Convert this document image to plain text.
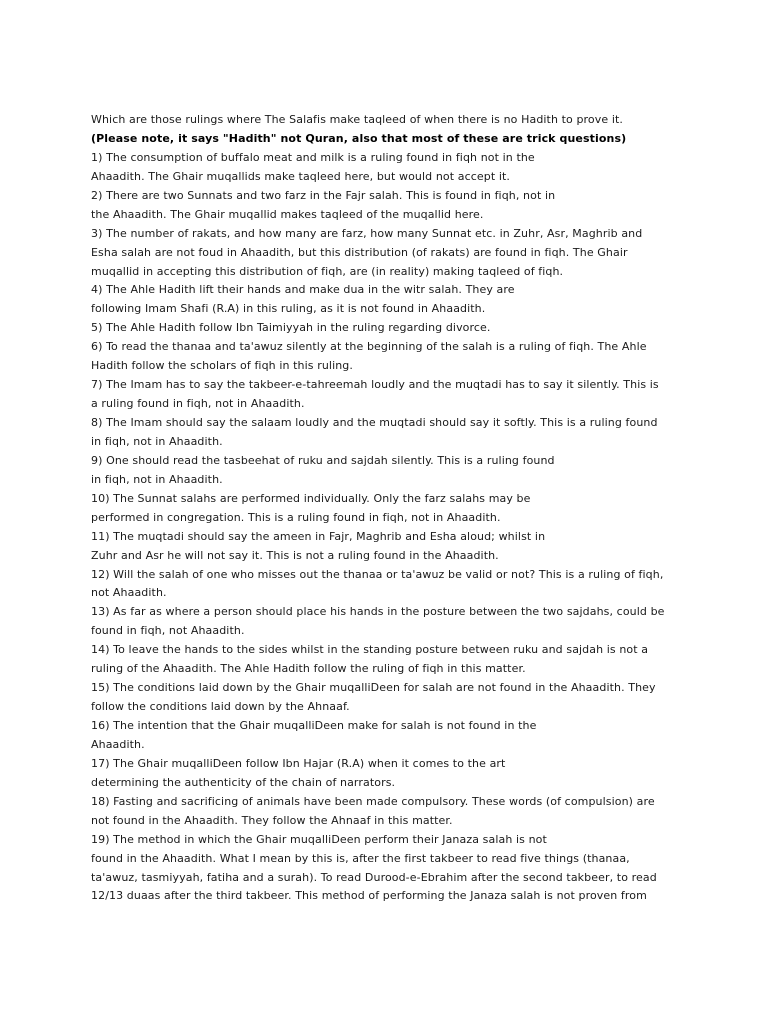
Which are those rulings where The Salafis make taqleed of when there is no Hadith to prove it.
(Please note, it says "Hadith" not Quran, also that most of these are trick questions)
1) The consumption of buffalo meat and milk is a ruling found in fiqh not in the
Ahaadith. The Ghair muqallids make taqleed here, but would not accept it.
2) There are two Sunnats and two farz in the Fajr salah. This is found in fiqh, not in
the Ahaadith. The Ghair muqallid makes taqleed of the muqallid here.
3) The number of rakats, and how many are farz, how many Sunnat etc. in Zuhr, Asr, Maghrib and
Esha salah are not foud in Ahaadith, but this distribution (of rakats) are found in fiqh. The Ghair
muqallid in accepting this distribution of fiqh, are (in reality) making taqleed of fiqh.
4) The Ahle Hadith lift their hands and make dua in the witr salah. They are
following Imam Shafi (R.A) in this ruling, as it is not found in Ahaadith.
5) The Ahle Hadith follow Ibn Taimiyyah in the ruling regarding divorce.
6) To read the thanaa and ta'awuz silently at the beginning of the salah is a ruling of fiqh. The Ahle
Hadith follow the scholars of fiqh in this ruling.
7) The Imam has to say the takbeer-e-tahreemah loudly and the muqtadi has to say it silently. This is
a ruling found in fiqh, not in Ahaadith.
8) The Imam should say the salaam loudly and the muqtadi should say it softly. This is a ruling found
in fiqh, not in Ahaadith.
9) One should read the tasbeehat of ruku and sajdah silently. This is a ruling found
in fiqh, not in Ahaadith.
10) The Sunnat salahs are performed individually. Only the farz salahs may be
performed in congregation. This is a ruling found in fiqh, not in Ahaadith.
11) The muqtadi should say the ameen in Fajr, Maghrib and Esha aloud; whilst in
Zuhr and Asr he will not say it. This is not a ruling found in the Ahaadith.
12) Will the salah of one who misses out the thanaa or ta'awuz be valid or not? This is a ruling of fiqh,
not Ahaadith.
13) As far as where a person should place his hands in the posture between the two sajdahs, could be
found in fiqh, not Ahaadith.
14) To leave the hands to the sides whilst in the standing posture between ruku and sajdah is not a
ruling of the Ahaadith. The Ahle Hadith follow the ruling of fiqh in this matter.
15) The conditions laid down by the Ghair muqalliDeen for salah are not found in the Ahaadith. They
follow the conditions laid down by the Ahnaaf.
16) The intention that the Ghair muqalliDeen make for salah is not found in the
Ahaadith.
17) The Ghair muqalliDeen follow Ibn Hajar (R.A) when it comes to the art
determining the authenticity of the chain of narrators.
18) Fasting and sacrificing of animals have been made compulsory. These words (of compulsion) are
not found in the Ahaadith. They follow the Ahnaaf in this matter.
19) The method in which the Ghair muqalliDeen perform their Janaza salah is not
found in the Ahaadith. What I mean by this is, after the first takbeer to read five things (thanaa,
ta'awuz, tasmiyyah, fatiha and a surah). To read Durood-e-Ebrahim after the second takbeer, to read
12/13 duaas after the third takbeer. This method of performing the Janaza salah is not proven from
